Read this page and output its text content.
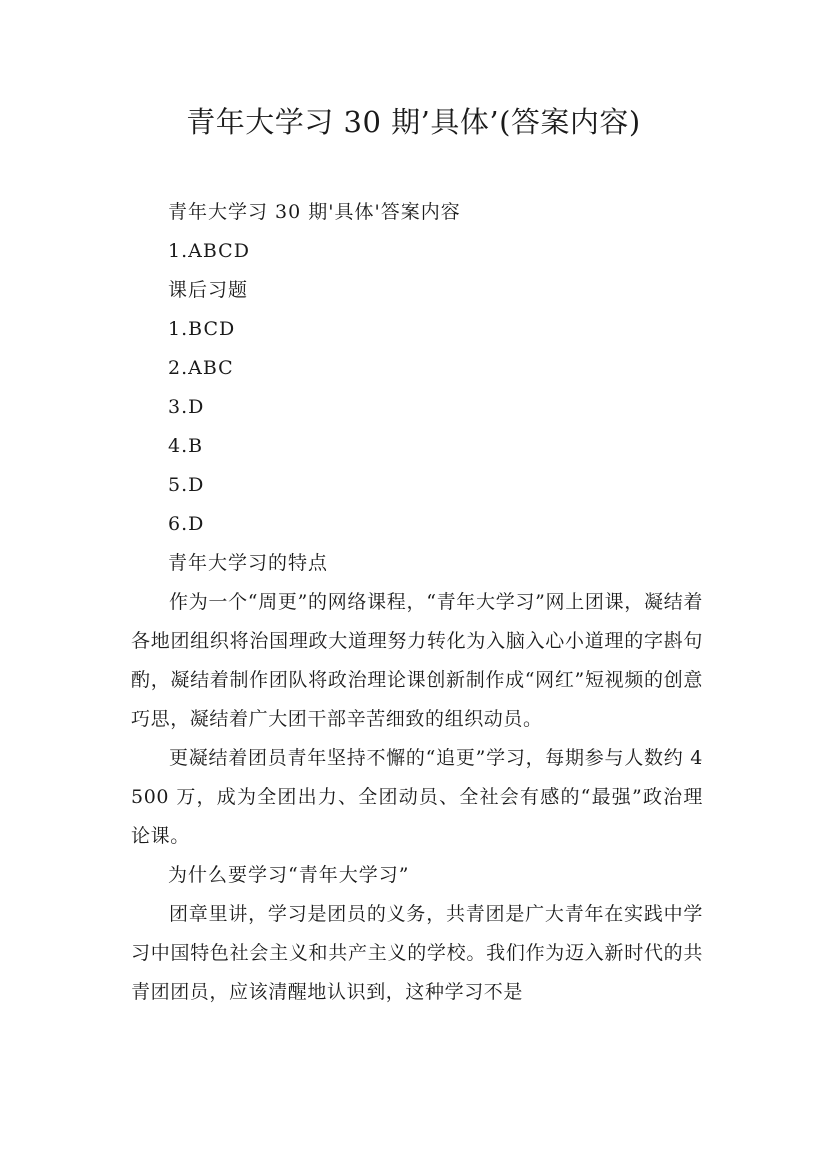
青年大学习 30 期’具体’(答案内容)
青年大学习 30 期'具体'答案内容
1.ABCD
课后习题
1.BCD
2.ABC
3.D
4.B
5.D
6.D
青年大学习的特点
作为一个“周更”的网络课程，“青年大学习”网上团课，凝结着各地团组织将治国理政大道理努力转化为入脑入心小道理的字斟句酌，凝结着制作团队将政治理论课创新制作成“网红”短视频的创意巧思，凝结着广大团干部辛苦细致的组织动员。
更凝结着团员青年坚持不懈的“追更”学习，每期参与人数约 4500 万，成为全团出力、全团动员、全社会有感的“最强”政治理论课。
为什么要学习“青年大学习”
团章里讲，学习是团员的义务，共青团是广大青年在实践中学习中国特色社会主义和共产主义的学校。我们作为迈入新时代的共青团团员，应该清醒地认识到，这种学习不是
